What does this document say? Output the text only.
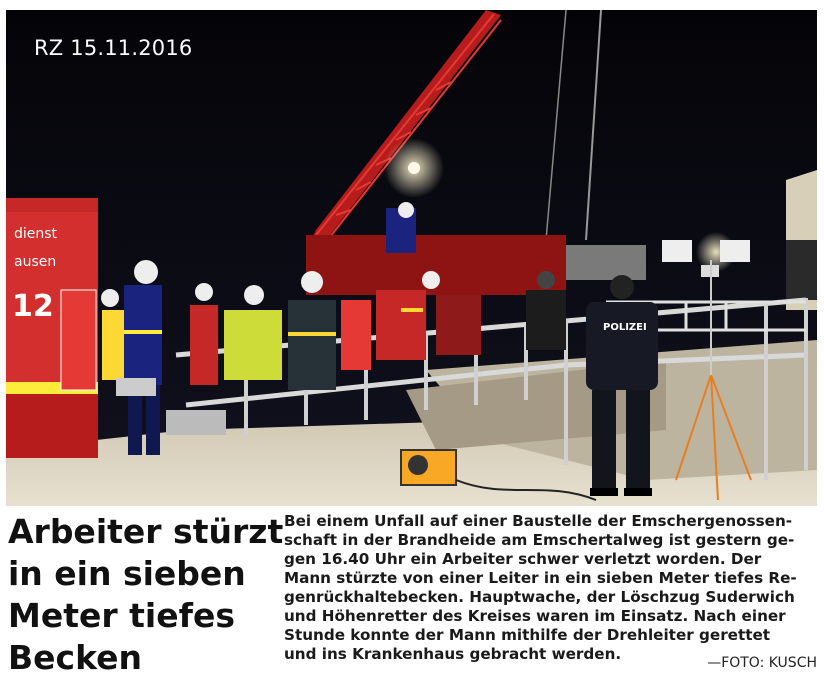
dienst
ausen
12
POLIZEI
RZ 15.11.2016
Arbeiter stürzt
in ein sieben
Meter tiefes
Becken
Bei einem Unfall auf einer Baustelle der Emschergenossen-
schaft in der Brandheide am Emschertalweg ist gestern ge-
gen 16.40 Uhr ein Arbeiter schwer verletzt worden. Der
Mann stürzte von einer Leiter in ein sieben Meter tiefes Re-
genrückhaltebecken. Hauptwache, der Löschzug Suderwich
und Höhenretter des Kreises waren im Einsatz. Nach einer
Stunde konnte der Mann mithilfe der Drehleiter gerettet
und ins Krankenhaus gebracht werden.	—FOTO: KUSCH
